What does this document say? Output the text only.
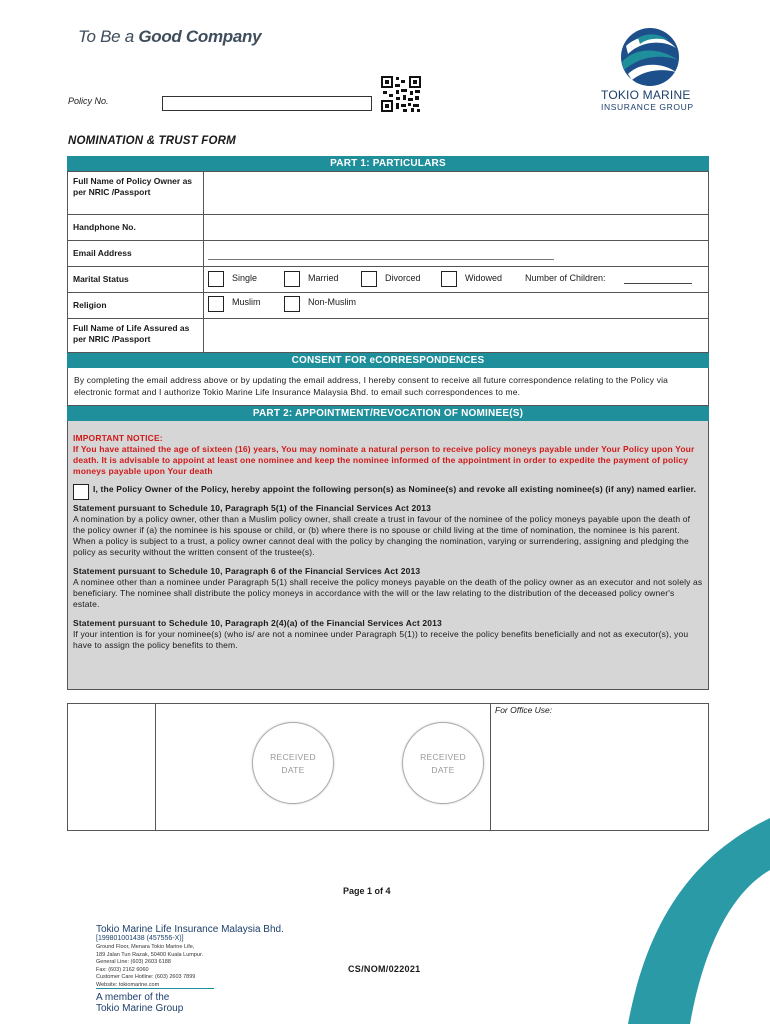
To Be a Good Company
TOKIO MARINE
INSURANCE GROUP
Policy No.
NOMINATION & TRUST FORM
PART 1: PARTICULARS
Full Name of Policy Owner as per NRIC /Passport
Handphone No.
Email Address
Marital Status	Single	Married	Divorced	Widowed	Number of Children:
Religion	Muslim	Non-Muslim
Full Name of Life Assured as per NRIC /Passport
CONSENT FOR eCORRESPONDENCES
By completing the email address above or by updating the email address, I hereby consent to receive all future correspondence relating to the Policy via electronic format and I authorize Tokio Marine Life Insurance Malaysia Bhd. to email such correspondences to me.
PART 2: APPOINTMENT/REVOCATION OF NOMINEE(S)
IMPORTANT NOTICE:
If You have attained the age of sixteen (16) years, You may nominate a natural person to receive policy moneys payable under Your Policy upon Your death. It is advisable to appoint at least one nominee and keep the nominee informed of the appointment in order to expedite the payment of policy moneys payable upon Your death
I, the Policy Owner of the Policy, hereby appoint the following person(s) as Nominee(s) and revoke all existing nominee(s) (if any) named earlier.
Statement pursuant to Schedule 10, Paragraph 5(1) of the Financial Services Act 2013
A nomination by a policy owner, other than a Muslim policy owner, shall create a trust in favour of the nominee of the policy moneys payable upon the death of the policy owner if (a) the nominee is his spouse or child, or (b) where there is no spouse or child living at the time of nomination, the nominee is his parent. When a policy is subject to a trust, a policy owner cannot deal with the policy by changing the nomination, varying or surrendering, assigning and pledging the policy as security without the written consent of the trustee(s).
Statement pursuant to Schedule 10, Paragraph 6 of the Financial Services Act 2013
A nominee other than a nominee under Paragraph 5(1) shall receive the policy moneys payable on the death of the policy owner as an executor and not solely as beneficiary. The nominee shall distribute the policy moneys in accordance with the will or the law relating to the distribution of the deceased policy owner's estate.
Statement pursuant to Schedule 10, Paragraph 2(4)(a) of the Financial Services Act 2013
If your intention is for your nominee(s) (who is/ are not a nominee under Paragraph 5(1)) to receive the policy benefits beneficially and not as executor(s), you have to assign the policy benefits to them.
RECEIVED
DATE
RECEIVED
DATE
For Office Use:
Page 1 of 4
Tokio Marine Life Insurance Malaysia Bhd.
[199801001438 (457556-X)]
Ground Floor, Menara Tokio Marine Life,
189 Jalan Tun Razak, 50400 Kuala Lumpur.
General Line: (603) 2603 6188
Fax: (603) 2162 6060
Customer Care Hotline: (603) 2603 7899
Website: tokiomarine.com
CS/NOM/022021
A member of the
Tokio Marine Group
